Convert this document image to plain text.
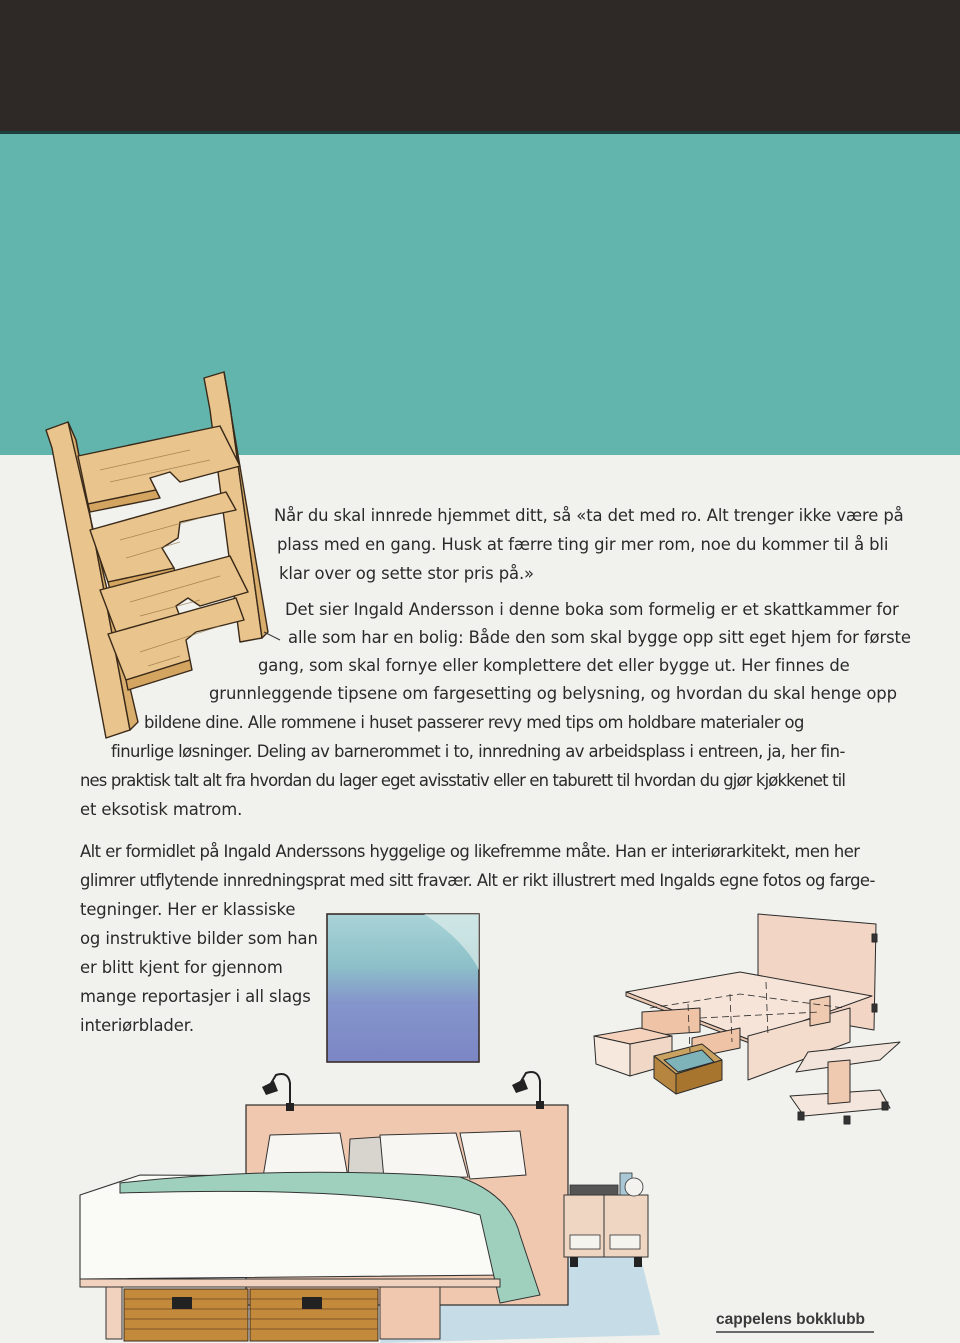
Når du skal innrede hjemmet ditt, så «ta det med ro. Alt trenger ikke være på
plass med en gang. Husk at færre ting gir mer rom, noe du kommer til å bli
klar over og sette stor pris på.»
Det sier Ingald Andersson i denne boka som formelig er et skattkammer for
alle som har en bolig: Både den som skal bygge opp sitt eget hjem for første
gang, som skal fornye eller komplettere det eller bygge ut. Her finnes de
grunnleggende tipsene om fargesetting og belysning, og hvordan du skal henge opp
bildene dine. Alle rommene i huset passerer revy med tips om holdbare materialer og
finurlige løsninger. Deling av barnerommet i to, innredning av arbeidsplass i entreen, ja, her fin-
nes praktisk talt alt fra hvordan du lager eget avisstativ eller en taburett til hvordan du gjør kjøkkenet til
et eksotisk matrom.
Alt er formidlet på Ingald Anderssons hyggelige og likefremme måte. Han er interiørarkitekt, men her
glimrer utflytende innredningsprat med sitt fravær. Alt er rikt illustrert med Ingalds egne fotos og farge-
tegninger. Her er klassiske
og instruktive bilder som han
er blitt kjent for gjennom
mange reportasjer i all slags
interiørblader.
cappelens bokklubb
